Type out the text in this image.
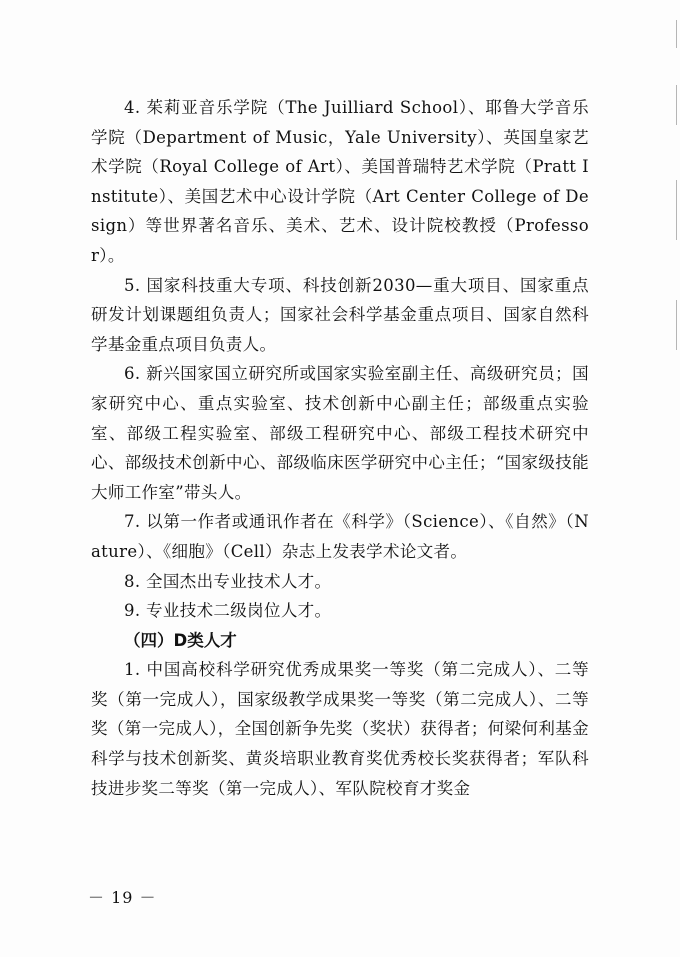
4. 茱莉亚音乐学院（The Juilliard School）、耶鲁大学音乐学院（Department of Music，Yale University）、英国皇家艺术学院（Royal College of Art）、美国普瑞特艺术学院（Pratt Institute）、美国艺术中心设计学院（Art Center College of Design）等世界著名音乐、美术、艺术、设计院校教授（Professor）。

5. 国家科技重大专项、科技创新2030—重大项目、国家重点研发计划课题组负责人；国家社会科学基金重点项目、国家自然科学基金重点项目负责人。

6. 新兴国家国立研究所或国家实验室副主任、高级研究员；国家研究中心、重点实验室、技术创新中心副主任；部级重点实验室、部级工程实验室、部级工程研究中心、部级工程技术研究中心、部级技术创新中心、部级临床医学研究中心主任；“国家级技能大师工作室”带头人。

7. 以第一作者或通讯作者在《科学》（Science）、《自然》（Nature）、《细胞》（Cell）杂志上发表学术论文者。

8. 全国杰出专业技术人才。

9. 专业技术二级岗位人才。

（四）D类人才

1. 中国高校科学研究优秀成果奖一等奖（第二完成人）、二等奖（第一完成人），国家级教学成果奖一等奖（第二完成人）、二等奖（第一完成人），全国创新争先奖（奖状）获得者；何梁何利基金科学与技术创新奖、黄炎培职业教育奖优秀校长奖获得者；军队科技进步奖二等奖（第一完成人）、军队院校育才奖金

－ 19 －
